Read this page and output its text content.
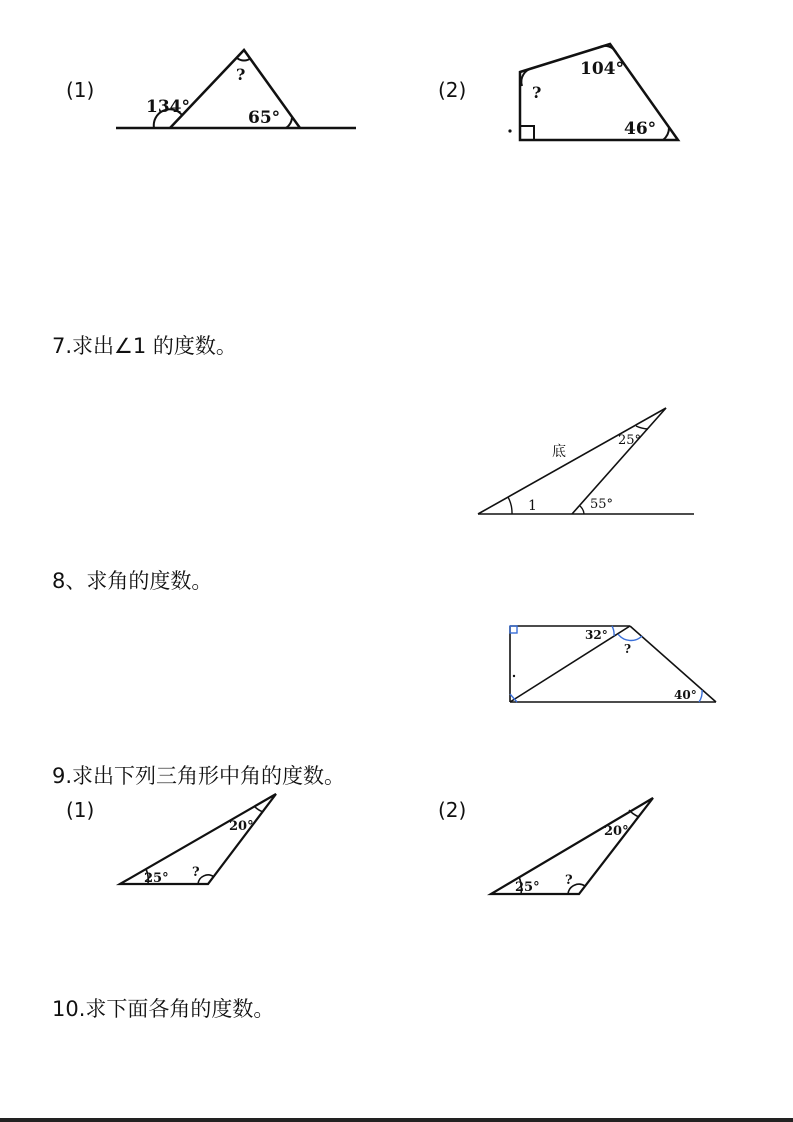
(1)
134°
?
65°
(2)
104°
?
46°
7.求出∠1 的度数。
底
25°
1	55°
8、求角的度数。
32°
?
40°
9.求出下列三角形中角的度数。
(1)
20°
25° ?
(2)
20°
25° ?
10.求下面各角的度数。
